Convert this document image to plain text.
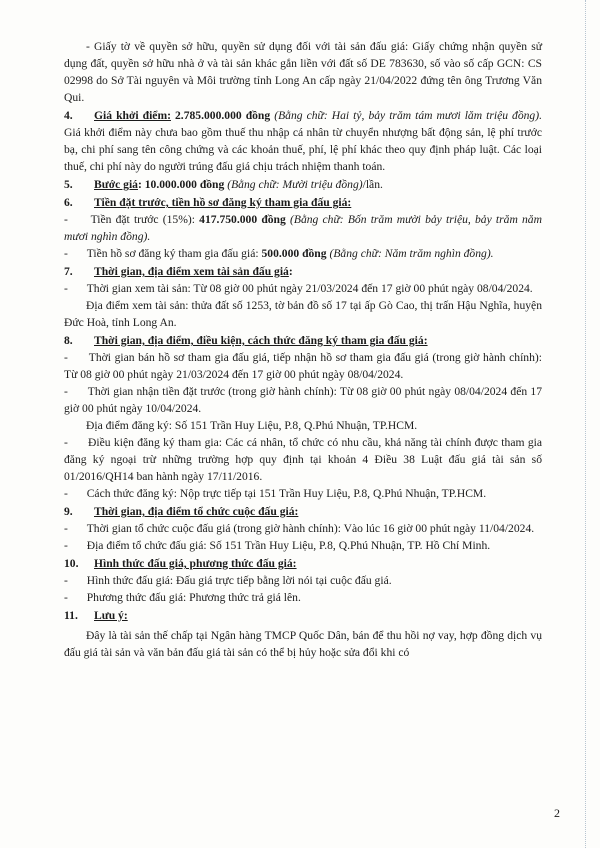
- Giấy tờ về quyền sở hữu, quyền sử dụng đối với tài sản đấu giá: Giấy chứng nhận quyền sử dụng đất, quyền sở hữu nhà ở và tài sản khác gắn liền với đất số DE 783630, số vào số cấp GCN: CS 02998 do Sở Tài nguyên và Môi trường tỉnh Long An cấp ngày 21/04/2022 đứng tên ông Trương Văn Qui.

4. Giá khởi điểm: 2.785.000.000 đồng (Bằng chữ: Hai tỷ, bảy trăm tám mươi lăm triệu đồng). Giá khởi điểm này chưa bao gồm thuế thu nhập cá nhân từ chuyển nhượng bất động sản, lệ phí trước bạ, chi phí sang tên công chứng và các khoản thuế, phí, lệ phí khác theo quy định pháp luật. Các loại thuế, chi phí này do người trúng đấu giá chịu trách nhiệm thanh toán.

5. Bước giá: 10.000.000 đồng (Bằng chữ: Mười triệu đồng)/lần.

6. Tiền đặt trước, tiền hồ sơ đăng ký tham gia đấu giá:

- Tiền đặt trước (15%): 417.750.000 đồng (Bằng chữ: Bốn trăm mười bảy triệu, bảy trăm năm mươi nghìn đồng).

- Tiền hồ sơ đăng ký tham gia đấu giá: 500.000 đồng (Bằng chữ: Năm trăm nghìn đồng).

7. Thời gian, địa điểm xem tài sản đấu giá:

- Thời gian xem tài sản: Từ 08 giờ 00 phút ngày 21/03/2024 đến 17 giờ 00 phút ngày 08/04/2024.

Địa điểm xem tài sản: thửa đất số 1253, tờ bản đồ số 17 tại ấp Gò Cao, thị trấn Hậu Nghĩa, huyện Đức Hoà, tỉnh Long An.

8. Thời gian, địa điểm, điều kiện, cách thức đăng ký tham gia đấu giá:

- Thời gian bán hồ sơ tham gia đấu giá, tiếp nhận hồ sơ tham gia đấu giá (trong giờ hành chính): Từ 08 giờ 00 phút ngày 21/03/2024 đến 17 giờ 00 phút ngày 08/04/2024.

- Thời gian nhận tiền đặt trước (trong giờ hành chính): Từ 08 giờ 00 phút ngày 08/04/2024 đến 17 giờ 00 phút ngày 10/04/2024.

Địa điểm đăng ký: Số 151 Trần Huy Liệu, P.8, Q.Phú Nhuận, TP.HCM.

- Điều kiện đăng ký tham gia: Các cá nhân, tổ chức có nhu cầu, khả năng tài chính được tham gia đăng ký ngoại trừ những trường hợp quy định tại khoản 4 Điều 38 Luật đấu giá tài sản số 01/2016/QH14 ban hành ngày 17/11/2016.

- Cách thức đăng ký: Nộp trực tiếp tại 151 Trần Huy Liệu, P.8, Q.Phú Nhuận, TP.HCM.

9. Thời gian, địa điểm tổ chức cuộc đấu giá:

- Thời gian tổ chức cuộc đấu giá (trong giờ hành chính): Vào lúc 16 giờ 00 phút ngày 11/04/2024.

- Địa điểm tổ chức đấu giá: Số 151 Trần Huy Liệu, P.8, Q.Phú Nhuận, TP. Hồ Chí Minh.

10. Hình thức đấu giá, phương thức đấu giá:

- Hình thức đấu giá: Đấu giá trực tiếp bằng lời nói tại cuộc đấu giá.

- Phương thức đấu giá: Phương thức trả giá lên.

11. Lưu ý:

Đây là tài sản thế chấp tại Ngân hàng TMCP Quốc Dân, bán để thu hồi nợ vay, hợp đồng dịch vụ đấu giá tài sản và văn bản đấu giá tài sản có thể bị hủy hoặc sửa đổi khi có

2
